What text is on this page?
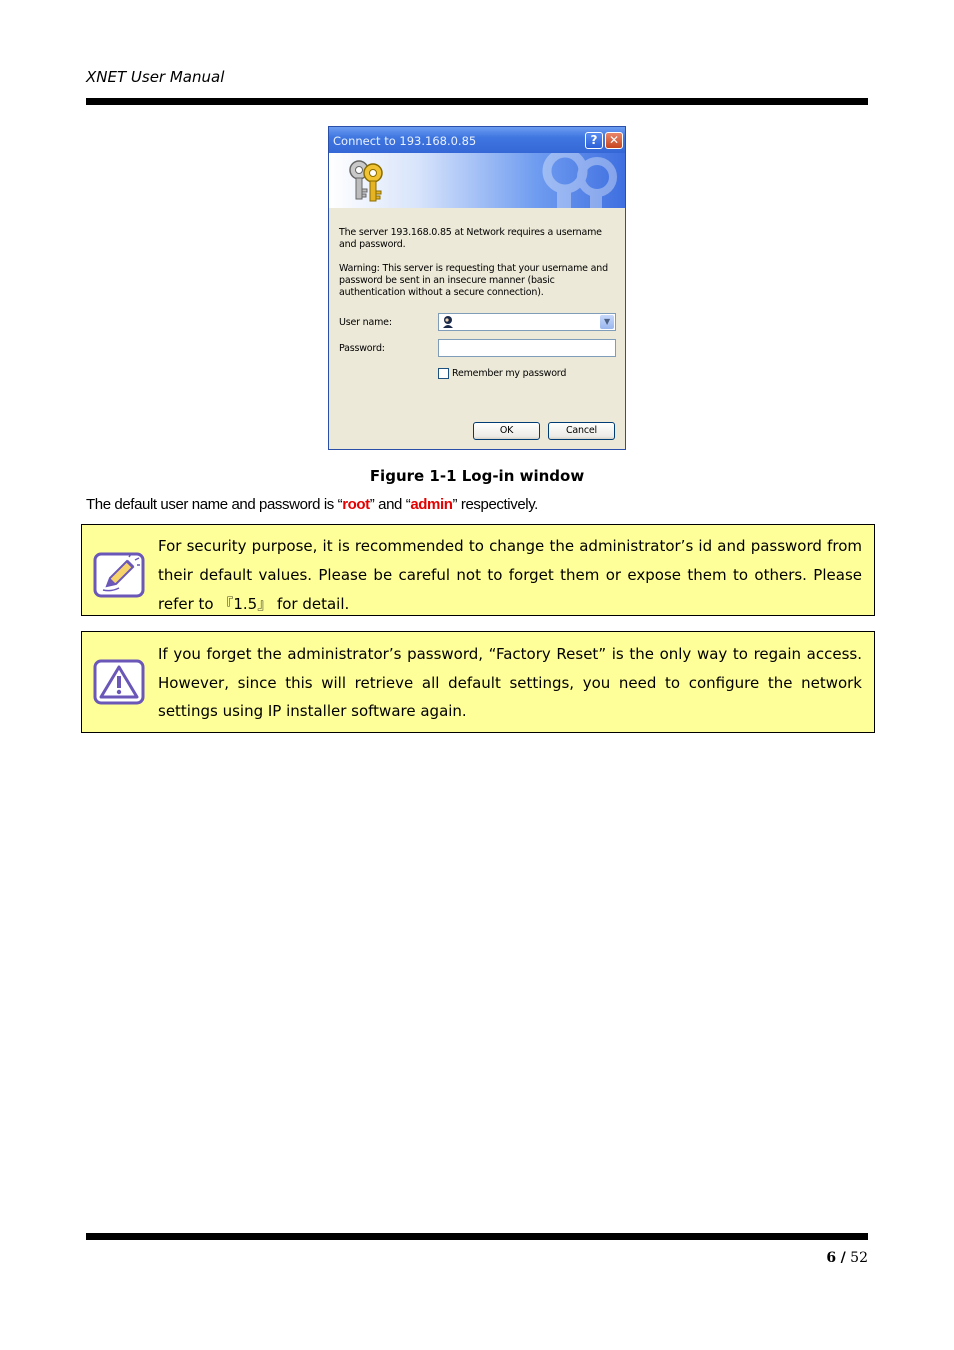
XNET User Manual
Connect to 193.168.0.85	? ✕
The server 193.168.0.85 at Network requires a username and password.
Warning: This server is requesting that your username and password be sent in an insecure manner (basic authentication without a secure connection).
User name:	▼
Password:
Remember my password
OK	Cancel
Figure 1-1 Log-in window
The default user name and password is “root” and “admin” respectively.
For security purpose, it is recommended to change the administrator’s id and password from their default values. Please be careful not to forget them or expose them to others. Please refer to 『1.5』 for detail.
If you forget the administrator’s password, “Factory Reset” is the only way to regain access. However, since this will retrieve all default settings, you need to configure the network settings using IP installer software again.
6 / 52
